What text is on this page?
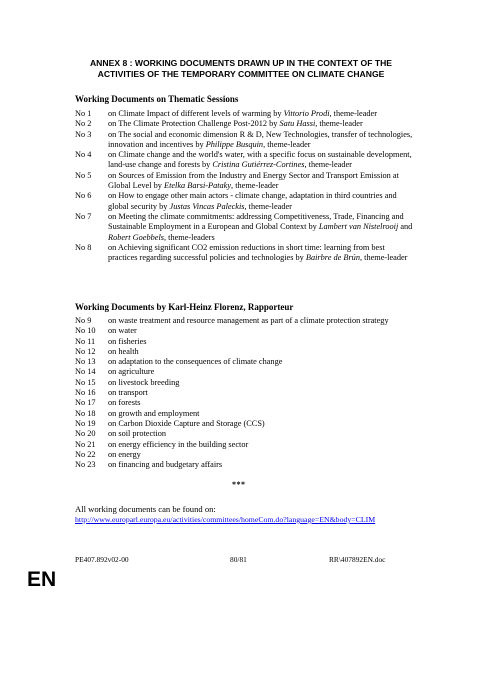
ANNEX 8 : WORKING DOCUMENTS DRAWN UP IN THE CONTEXT OF THE
ACTIVITIES OF THE TEMPORARY COMMITTEE ON CLIMATE CHANGE
Working Documents on Thematic Sessions
No 1	on Climate Impact of different levels of warming by Vittorio Prodi, theme-leader
No 2	on The Climate Protection Challenge Post-2012 by Satu Hassi, theme-leader
No 3	on The social and economic dimension R & D, New Technologies, transfer of technologies, innovation and incentives by Philippe Busquin, theme-leader
No 4	on Climate change and the world's water, with a specific focus on sustainable development, land-use change and forests by Cristina Gutiérrez-Cortines, theme-leader
No 5	on Sources of Emission from the Industry and Energy Sector and Transport Emission at Global Level by Etelka Barsi-Pataky, theme-leader
No 6	on How to engage other main actors - climate change, adaptation in third countries and global security by Justas Vincas Paleckis, theme-leader
No 7	on Meeting the climate commitments: addressing Competitiveness, Trade, Financing and Sustainable Employment in a European and Global Context by Lambert van Nistelrooij and Robert Goebbels, theme-leaders
No 8	on Achieving significant CO2 emission reductions in short time: learning from best practices regarding successful policies and technologies by Bairbre de Brún, theme-leader
Working Documents by Karl-Heinz Florenz, Rapporteur
No 9	on waste treatment and resource management as part of a climate protection strategy
No 10	on water
No 11	on fisheries
No 12	on health
No 13	on adaptation to the consequences of climate change
No 14	on agriculture
No 15	on livestock breeding
No 16	on transport
No 17	on forests
No 18	on growth and employment
No 19	on Carbon Dioxide Capture and Storage (CCS)
No 20	on soil protection
No 21	on energy efficiency in the building sector
No 22	on energy
No 23	on financing and budgetary affairs
***
All working documents can be found on:
http://www.europarl.europa.eu/activities/committees/homeCom.do?language=EN&body=CLIM
PE407.892v02-00	80/81	RR\407892EN.doc
EN
